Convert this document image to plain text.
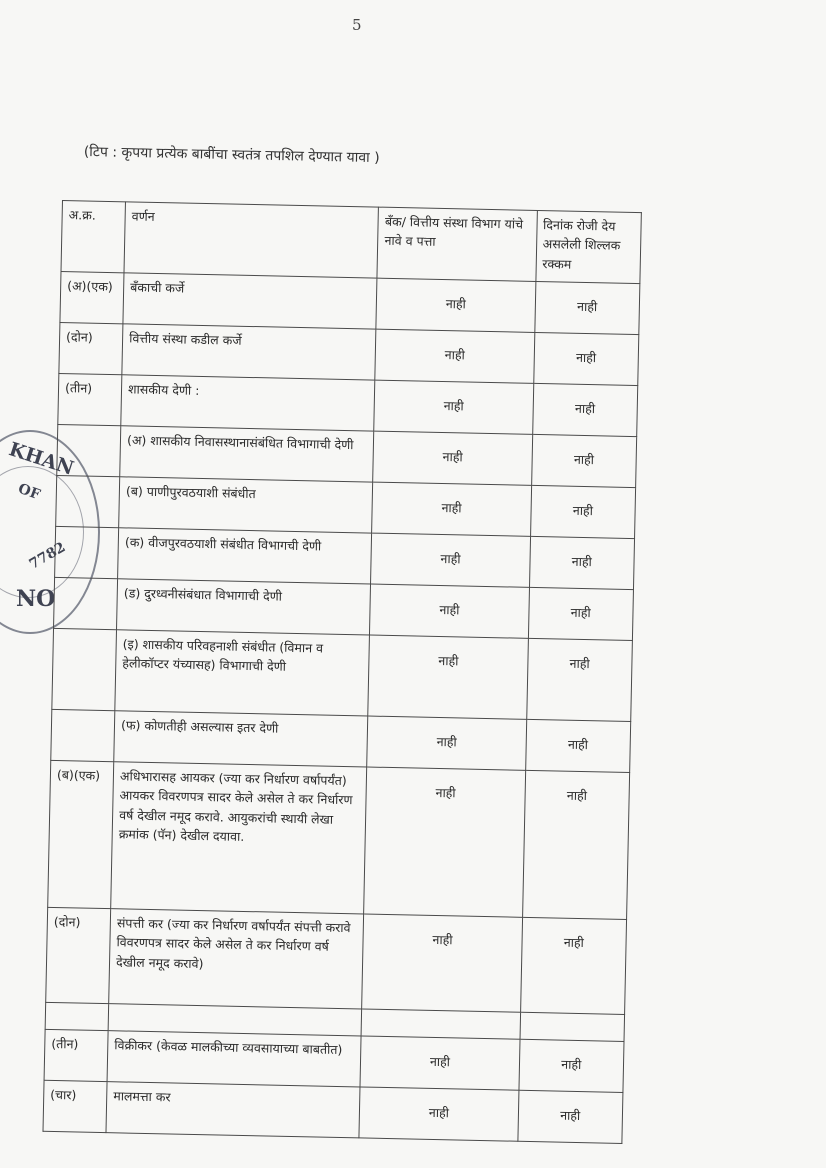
5
(टिप : कृपया प्रत्येक बाबींचा स्वतंत्र तपशिल देण्यात यावा )
KHAN
OF
7782
NO
अ.क्र.	वर्णन	बँक/ वित्तीय संस्था विभाग यांचे नावे व पत्ता	दिनांक रोजी देय असलेली शिल्लक रक्कम
(अ)(एक)	बँकाची कर्जे	नाही	नाही
(दोन)	वित्तीय संस्था कडील कर्जे	नाही	नाही
(तीन)	शासकीय देणी :	नाही	नाही
	(अ) शासकीय निवासस्थानासंबंधित विभागाची देणी	नाही	नाही
	(ब) पाणीपुरवठयाशी संबंधीत	नाही	नाही
	(क) वीजपुरवठयाशी संबंधीत विभागची देणी	नाही	नाही
	(ड) दुरध्वनीसंबंधात विभागाची देणी	नाही	नाही
	(इ) शासकीय परिवहनाशी संबंधीत (विमान व हेलीकॉप्टर यंच्यासह) विभागाची देणी	नाही	नाही
	(फ) कोणतीही असल्यास इतर देणी	नाही	नाही
(ब)(एक)	अधिभारासह आयकर (ज्या कर निर्धारण वर्षापर्यंत) आयकर विवरणपत्र सादर केले असेल ते कर निर्धारण वर्ष देखील नमूद करावे. आयुकरांची स्थायी लेखा क्रमांक (पॅन) देखील दयावा.	नाही	नाही
(दोन)	संपत्ती कर (ज्या कर निर्धारण वर्षापर्यंत संपत्ती करावे विवरणपत्र सादर केले असेल ते कर निर्धारण वर्ष देखील नमूद करावे)	नाही	नाही

(तीन)	विक्रीकर (केवळ मालकीच्या व्यवसायाच्या बाबतीत)	नाही	नाही
(चार)	मालमत्ता कर	नाही	नाही
